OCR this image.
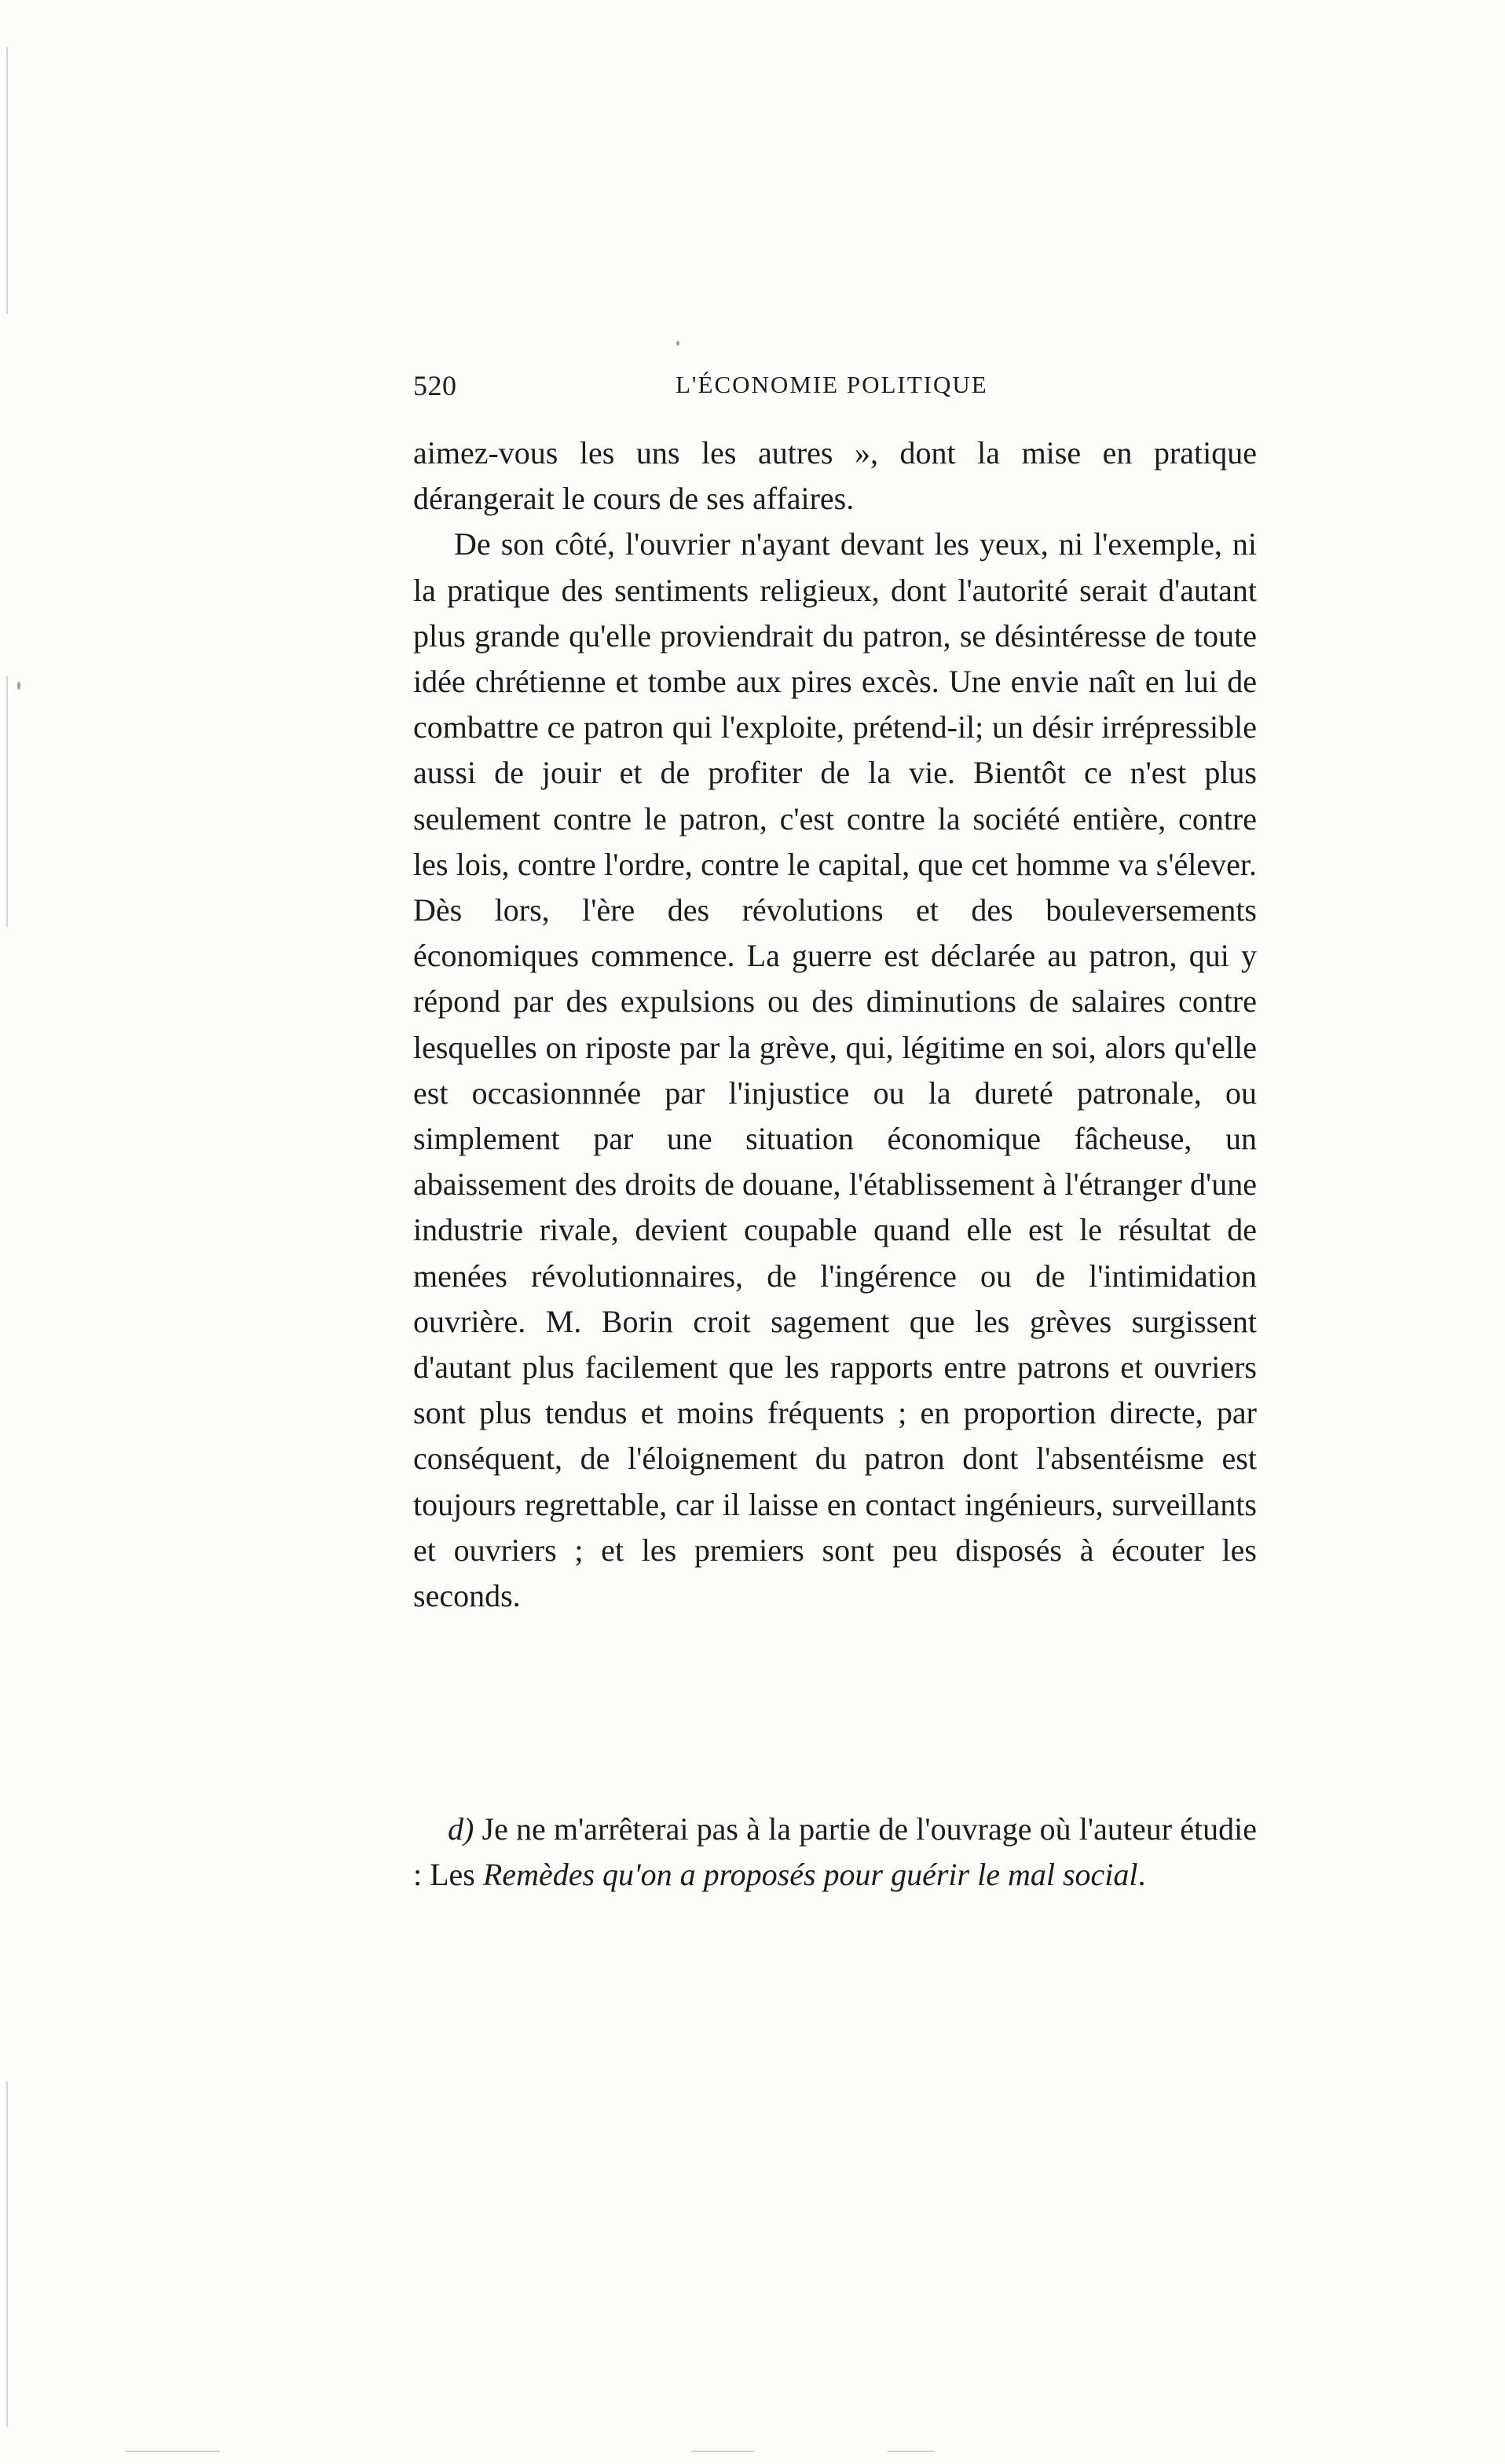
520	L'ÉCONOMIE POLITIQUE

aimez-vous les uns les autres », dont la mise en pratique dérangerait le cours de ses affaires.

De son côté, l'ouvrier n'ayant devant les yeux, ni l'exemple, ni la pratique des sentiments religieux, dont l'autorité serait d'autant plus grande qu'elle proviendrait du patron, se désintéresse de toute idée chrétienne et tombe aux pires excès. Une envie naît en lui de combattre ce patron qui l'exploite, prétend-il; un désir irrépressible aussi de jouir et de profiter de la vie. Bientôt ce n'est plus seulement contre le patron, c'est contre la société entière, contre les lois, contre l'ordre, contre le capital, que cet homme va s'élever. Dès lors, l'ère des révolutions et des bouleversements économiques commence. La guerre est déclarée au patron, qui y répond par des expulsions ou des diminutions de salaires contre lesquelles on riposte par la grève, qui, légitime en soi, alors qu'elle est occasionnnée par l'injustice ou la dureté patronale, ou simplement par une situation économique fâcheuse, un abaissement des droits de douane, l'établissement à l'étranger d'une industrie rivale, devient coupable quand elle est le résultat de menées révolutionnaires, de l'ingérence ou de l'intimidation ouvrière. M. Borin croit sagement que les grèves surgissent d'autant plus facilement que les rapports entre patrons et ouvriers sont plus tendus et moins fréquents ; en proportion directe, par conséquent, de l'éloignement du patron dont l'absentéisme est toujours regrettable, car il laisse en contact ingénieurs, surveillants et ouvriers ; et les premiers sont peu disposés à écouter les seconds.

d) Je ne m'arrêterai pas à la partie de l'ouvrage où l'auteur étudie : Les Remèdes qu'on a proposés pour guérir le mal social.
